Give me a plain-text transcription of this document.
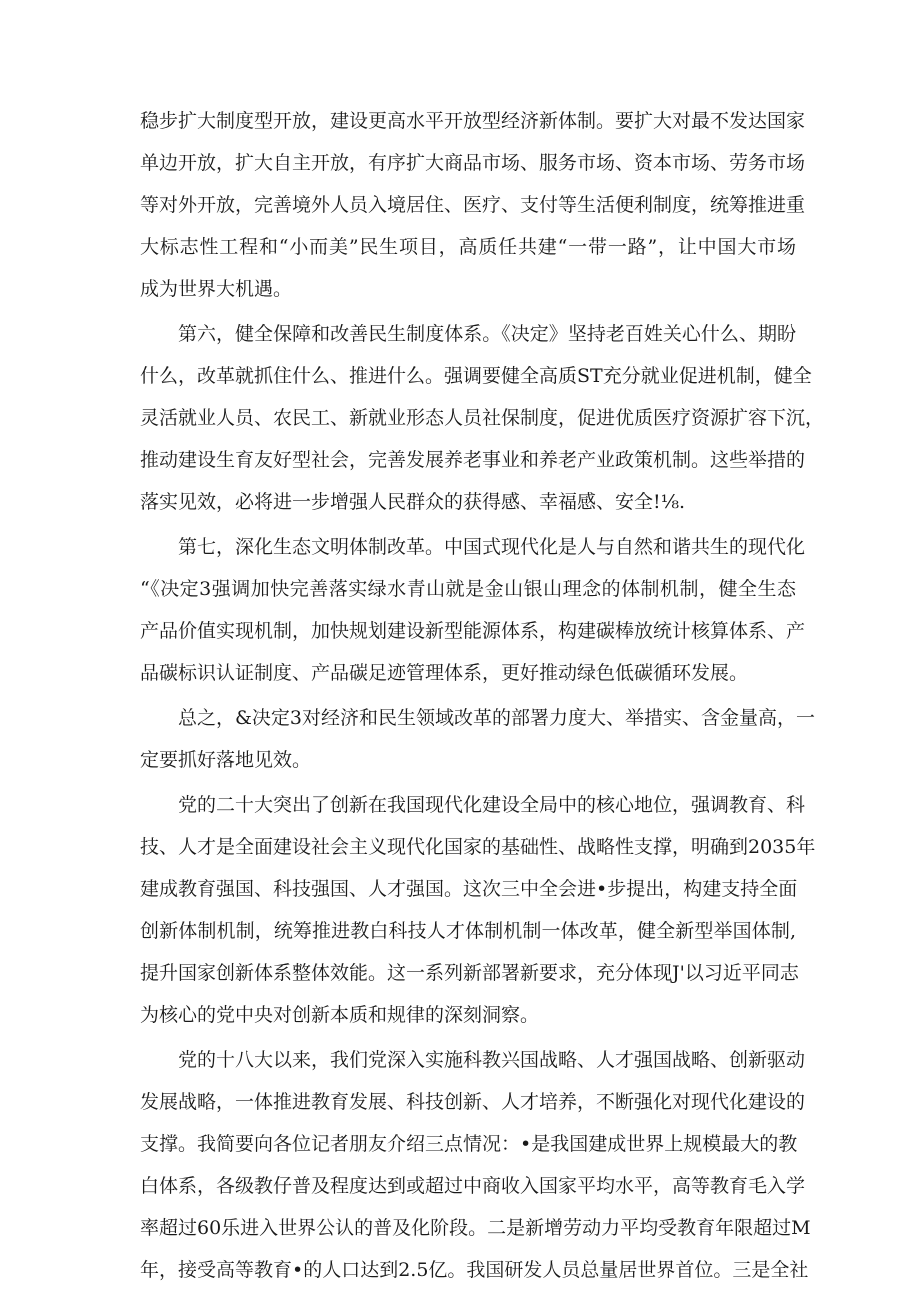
稳步扩大制度型开放，建设更高水平开放型经济新体制。要扩大对最不发达国家
单边开放，扩大自主开放，有序扩大商品市场、服务市场、资本市场、劳务市场
等对外开放，完善境外人员入境居住、医疗、支付等生活便利制度，统筹推进重
大标志性工程和“小而美”民生项目，高质任共建“一带一路”，让中国大市场
成为世界大机遇。
第六，健全保障和改善民生制度体系。《决定》坚持老百姓关心什么、期盼
什么，改革就抓住什么、推进什么。强调要健全高质ST充分就业促进机制，健全
灵活就业人员、农民工、新就业形态人员社保制度，促进优质医疗资源扩容下沉，
推动建设生育友好型社会，完善发展养老事业和养老产业政策机制。这些举措的
落实见效，必将进一步增强人民群众的获得感、幸福感、安全!⅛.
第七，深化生态文明体制改革。中国式现代化是人与自然和谐共生的现代化
“《决定3强调加快完善落实绿水青山就是金山银山理念的体制机制，健全生态
产品价值实现机制，加快规划建设新型能源体系，构建碳棒放统计核算体系、产
品碳标识认证制度、产品碳足迹管理体系，更好推动绿色低碳循环发展。
总之，&决定3对经济和民生领域改革的部署力度大、举措实、含金量高，一
定要抓好落地见效。
党的二十大突出了创新在我国现代化建设全局中的核心地位，强调教育、科
技、人才是全面建设社会主义现代化国家的基础性、战略性支撑，明确到2035年
建成教育强国、科技强国、人才强国。这次三中全会进•步提出，构建支持全面
创新体制机制，统筹推进教白科技人才体制机制一体改革，健全新型举国体制,
提升国家创新体系整体效能。这一系列新部署新要求，充分体现J'以习近平同志
为核心的党中央对创新本质和规律的深刻洞察。
党的十八大以来，我们党深入实施科教兴国战略、人才强国战略、创新驱动
发展战略，一体推进教育发展、科技创新、人才培养，不断强化对现代化建设的
支撑。我简要向各位记者朋友介绍三点情况：•是我国建成世界上规模最大的教
白体系，各级教仔普及程度达到或超过中商收入国家平均水平，高等教育毛入学
率超过60乐进入世界公认的普及化阶段。二是新增劳动力平均受教育年限超过M
年，接受高等教育•的人口达到2.5亿。我国研发人员总量居世界首位。三是全社
